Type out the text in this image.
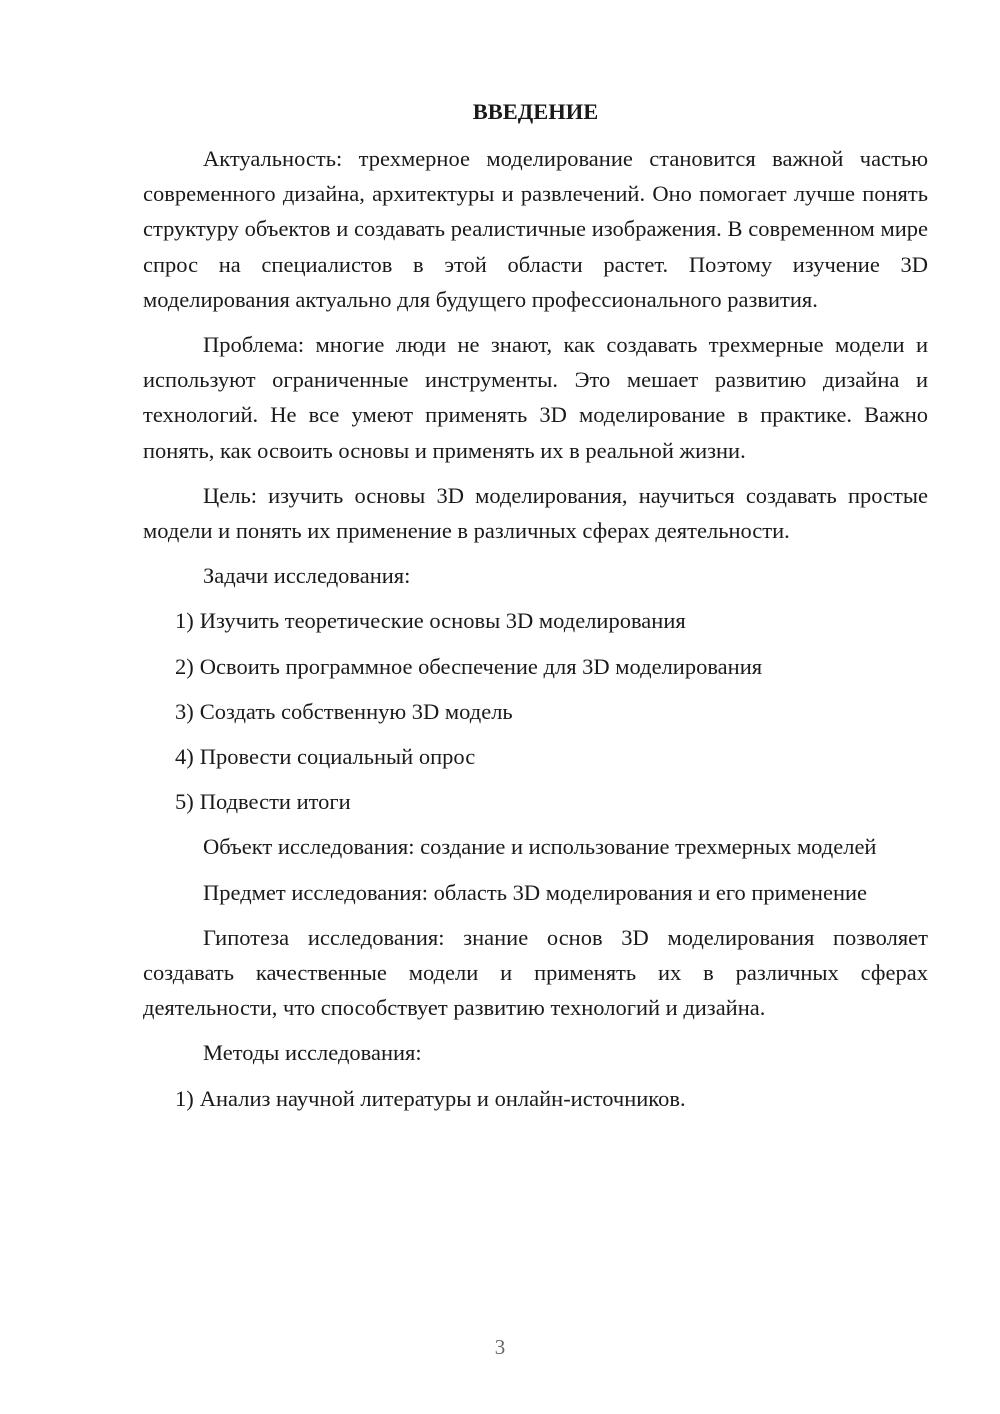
ВВЕДЕНИЕ

Актуальность: трехмерное моделирование становится важной частью современного дизайна, архитектуры и развлечений. Оно помогает лучше понять структуру объектов и создавать реалистичные изображения. В современном мире спрос на специалистов в этой области растет. Поэтому изучение 3D моделирования актуально для будущего профессионального развития.

Проблема: многие люди не знают, как создавать трехмерные модели и используют ограниченные инструменты. Это мешает развитию дизайна и технологий. Не все умеют применять 3D моделирование в практике. Важно понять, как освоить основы и применять их в реальной жизни.

Цель: изучить основы 3D моделирования, научиться создавать простые модели и понять их применение в различных сферах деятельности.

Задачи исследования:

1) Изучить теоретические основы 3D моделирования

2) Освоить программное обеспечение для 3D моделирования

3) Создать собственную 3D модель

4) Провести социальный опрос

5) Подвести итоги

Объект исследования: создание и использование трехмерных моделей

Предмет исследования: область 3D моделирования и его применение

Гипотеза исследования: знание основ 3D моделирования позволяет создавать качественные модели и применять их в различных сферах деятельности, что способствует развитию технологий и дизайна.

Методы исследования:

1) Анализ научной литературы и онлайн-источников.

3
